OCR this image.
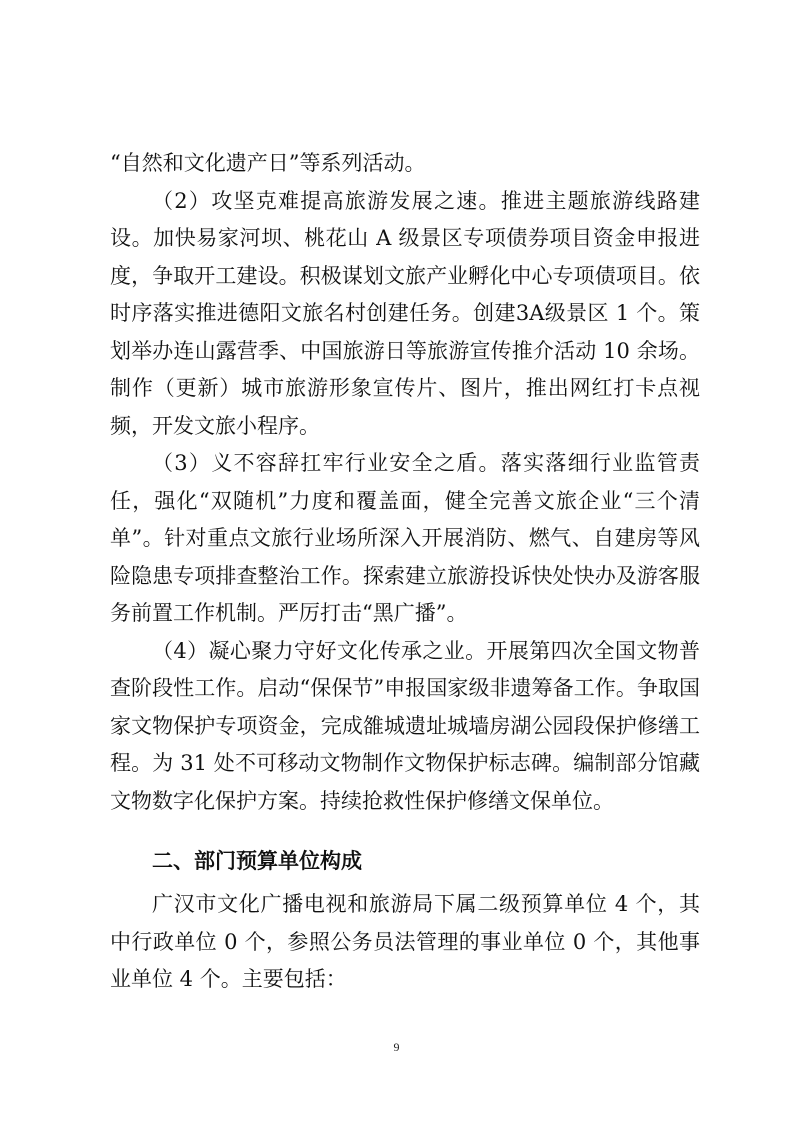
“自然和文化遗产日”等系列活动。

（2）攻坚克难提高旅游发展之速。推进主题旅游线路建设。加快易家河坝、桃花山 A 级景区专项债券项目资金申报进度，争取开工建设。积极谋划文旅产业孵化中心专项债项目。依时序落实推进德阳文旅名村创建任务。创建3A级景区 1 个。策划举办连山露营季、中国旅游日等旅游宣传推介活动 10 余场。制作（更新）城市旅游形象宣传片、图片，推出网红打卡点视频，开发文旅小程序。

（3）义不容辞扛牢行业安全之盾。落实落细行业监管责任，强化“双随机”力度和覆盖面，健全完善文旅企业“三个清单”。针对重点文旅行业场所深入开展消防、燃气、自建房等风险隐患专项排查整治工作。探索建立旅游投诉快处快办及游客服务前置工作机制。严厉打击“黑广播”。

（4）凝心聚力守好文化传承之业。开展第四次全国文物普查阶段性工作。启动“保保节”申报国家级非遗筹备工作。争取国家文物保护专项资金，完成雒城遗址城墙房湖公园段保护修缮工程。为 31 处不可移动文物制作文物保护标志碑。编制部分馆藏文物数字化保护方案。持续抢救性保护修缮文保单位。

二、部门预算单位构成

广汉市文化广播电视和旅游局下属二级预算单位 4 个，其中行政单位 0 个，参照公务员法管理的事业单位 0 个，其他事业单位 4 个。主要包括：

9
